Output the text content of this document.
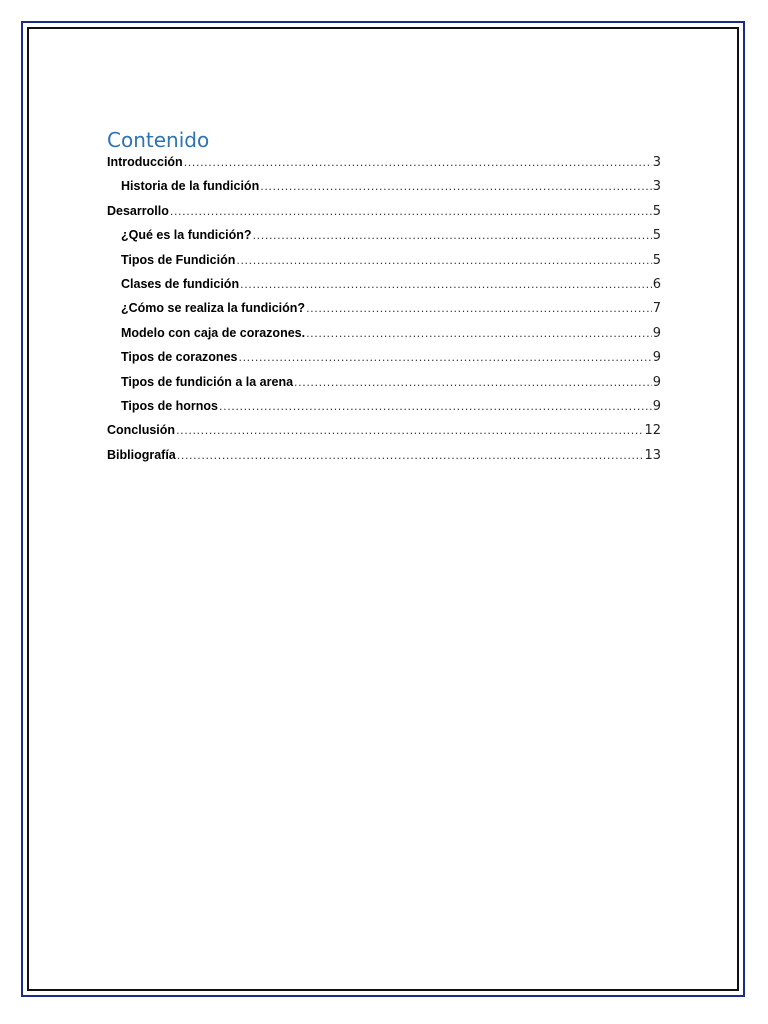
Contenido
Introducción .....	3
Historia de la fundición .....	3
Desarrollo .....	5
¿Qué es la fundición? .....	5
Tipos de Fundición .....	5
Clases de fundición .....	6
¿Cómo se realiza la fundición? .....	7
Modelo con caja de corazones. .....	9
Tipos de corazones .....	9
Tipos de fundición a la arena .....	9
Tipos de hornos .....	9
Conclusión .....	12
Bibliografía .....	13
